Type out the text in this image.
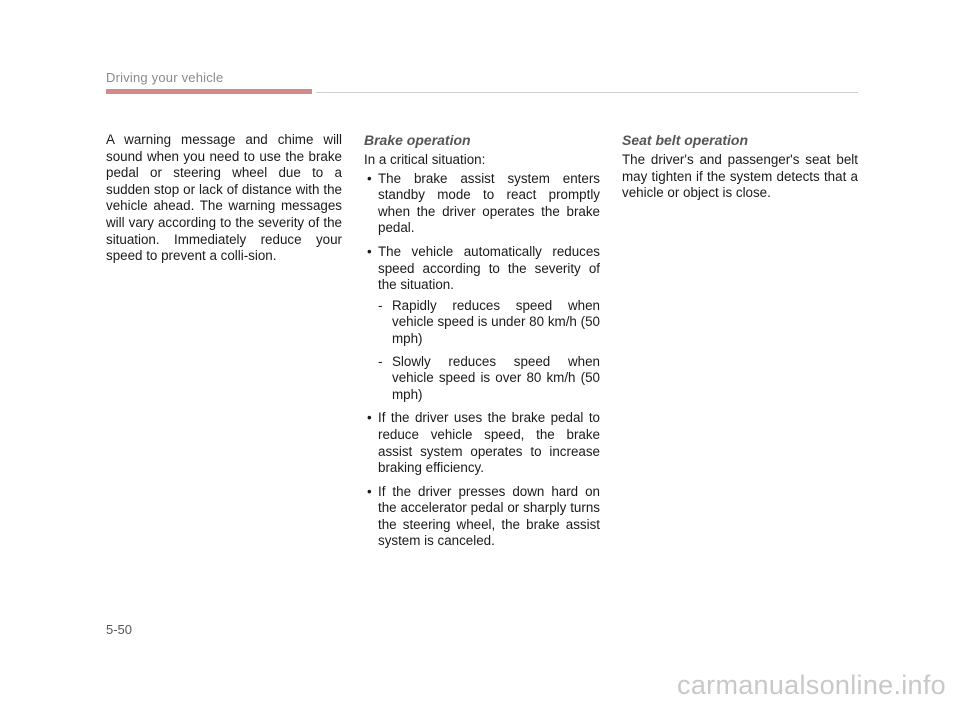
Driving your vehicle

A warning message and chime will sound when you need to use the brake pedal or steering wheel due to a sudden stop or lack of distance with the vehicle ahead. The warning messages will vary according to the severity of the situation. Immediately reduce your speed to prevent a colli-sion.

Brake operation

In a critical situation:

• The brake assist system enters standby mode to react promptly when the driver operates the brake pedal.
• The vehicle automatically reduces speed according to the severity of the situation.
- Rapidly reduces speed when vehicle speed is under 80 km/h (50 mph)
- Slowly reduces speed when vehicle speed is over 80 km/h (50 mph)
• If the driver uses the brake pedal to reduce vehicle speed, the brake assist system operates to increase braking efficiency.
• If the driver presses down hard on the accelerator pedal or sharply turns the steering wheel, the brake assist system is canceled.
Seat belt operation

The driver's and passenger's seat belt may tighten if the system detects that a vehicle or object is close.

5-50
carmanualsonline.info
